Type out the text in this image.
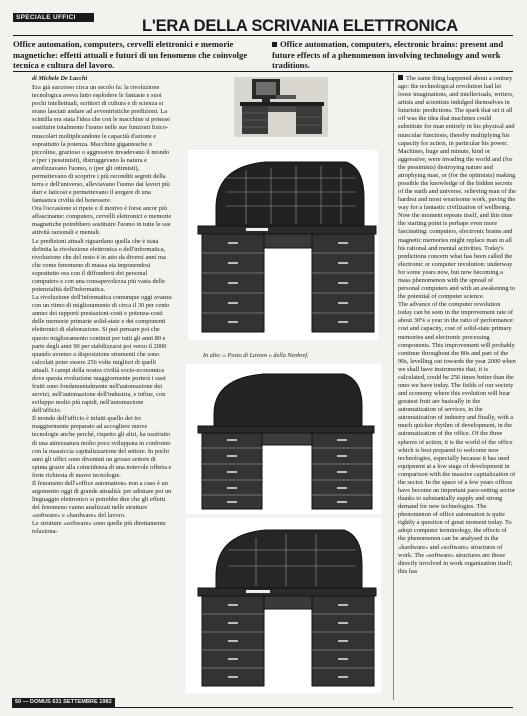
SPECIALE UFFICI	L'ERA DELLA SCRIVANIA ELETTRONICA
Office automation, computers, cervelli elettronici e memorie magnetiche: effetti attuali e futuri di un fenomeno che coinvolge tecnica e cultura del lavoro.
Office automation, computers, electronic brains: present and future effects of a phenomenon involving technology and work traditions.

di Michele De Lucchi

Era già successo circa un secolo fa: la rivoluzione tecnologica aveva fatto esplodere le fantasie e suoi pochi intellettuali, scrittori di cultura e di scienza si erano lasciati andare ad avveniristiche predizioni. La scintilla era stata l'idea che con le macchine si potesse sostituire totalmente l'uomo nelle sue funzioni fisico-muscolari moltiplicandone le capacità d'azione e soprattutto la potenza. Macchine gigantesche o piccoline, grazioso o aggressive invadevano il mondo e (per i pessimisti), distruggevano la natura e atrofizzavano l'uomo, o (per gli ottimisti), permettevano di scoprire i più reconditi segreti della terra e dell'universo, alleviavano l'uomo dai lavori più duri e faticosi e permettevano il sorgere di una fantastica civiltà del benessere.

Ora l'occasione si ripete e il motivo è forse ancor più affascinante: computers, cervelli elettronici e memorie magnetiche potrebbero sostituire l'uomo in tutte le sue attività razionali e mentali.

Le predizioni attuali riguardano quella che è stata definita la rivoluzione elettronica o dell'informatica, rivoluzione che del resto è in atto da diversi anni ma che come fenomeno di massa sta imponendosi soprattutto ora con il diffondersi dei personal computers e con una consapevolezza più vasta delle potenzialità dell'informatica.

La rivoluzione dell'informatica comunque oggi avanza con un ritmo di miglioramento di circa il 30 per cento annuo dei rapporti prestazioni-costi e potenza-costi delle memorie primarie solid-state e dei componenti elettronici di elaborazione. Si può pensare poi che questo miglioramento continui per tutti gli anni 80 e parte degli anni 90 per stabilizzarsi poi verso il 2000 quando avremo a disposizione strumenti che sono calcolati poter essere 256 volte migliori di quelli attuali. I campi della nostra civiltà socio-economica dove questa evoluzione maggiormente porterà i suoi frutti sono fondamentalmente nell'automazione dei servizi, nell'automazione dell'industria, e infine, con sviluppo molto più rapidi, nell'automazione dell'ufficio.

Il mondo dell'ufficio è infatti quello dei tre maggiormente preparato ad accogliere nuove tecnologie anche perché, rispetto gli altri, ha usufruito di una attrezzatura molto poco sviluppata in confronto con la massiccia capitalizzazione del settore. In pochi anni gli uffici sono diventati un grosso settore di spinta grazie alla coincidenza di una notevole offerta e forte richiesta di nuove tecnologie.

Il fenomeno dell'«office automation» non a caso è un argomento oggi di grande attualità: per adottare poi un linguaggio elettronico si potrebbe dire che gli effetti del fenomeno vanno analizzati nelle strutture «software» e «hardware» del lavoro.

Le strutture «software» sono quelle più direttamente relaziona-

In alto: « Posto di Lavoro » della Neobref.

The same thing happened about a century ago: the technological revolution had let loose imaginations, and intellectuals, writers, artists and scientists indulged themselves in futuristic predictions. The spark that set it all off was the idea that machines could substitute for man entirely in his physical and muscular functions, thereby multiplying his capacity for action, in particular his power. Machines, huge and minute, kind or aggressive, were invading the world and (for the pessimists) destroying nature and atrophying man, or (for the optimists) making possible the knowledge of the hidden secrets of the earth and universe, relieving man of the hardest and most wearisome work, paving the way for a fantastic civilization of wellbeing. Now the moment repeats itself, and this time the starting point is perhaps even more fascinating: computers, electronic brains and magnetic memories might replace man in all his rational and mental activities. Today's predictions concern what has been called the electronic or computer revolution: underway for some years now, but now becoming a mass phenomenon with the spread of personal computers and with an awakening to the potential of computer science.

The advance of the computer revolution today can be seen in the improvement rate of about 30% a year in the ratio of performance: cost and capacity, cost of solid-state primary memories and electronic processing components. This improvement will probably continue throughout the 80s and part of the 90s, levelling out towards the year 2000 when we shall have instruments that, it is calculated, could be 256 times better than the ones we have today. The fields of our society and economy where this evolution will bear greatest fruit are basically in the automatization of services, in the automatization of industry and finally, with a much quicker rhythm of development, in the automatization of the office. Of the three spheres of action, it is the world of the office which is best prepared to welcome new technologies, especially because it has used equipment at a low stage of development in comparison with the massive capitalization of the sector. In the space of a few years offices have become an important pace-setting sector thanks to substantially supply and strong demand for new technologies. The phenomenon of office automation is quite rightly a question of great moment today. To adopt computer terminology, the effects of the phenomenon can be analysed in the «hardware» and «software» structures of work. The «software» structures are those directly involved in work organization itself; this has

50 — DOMUS 631 SETTEMBRE 1982
